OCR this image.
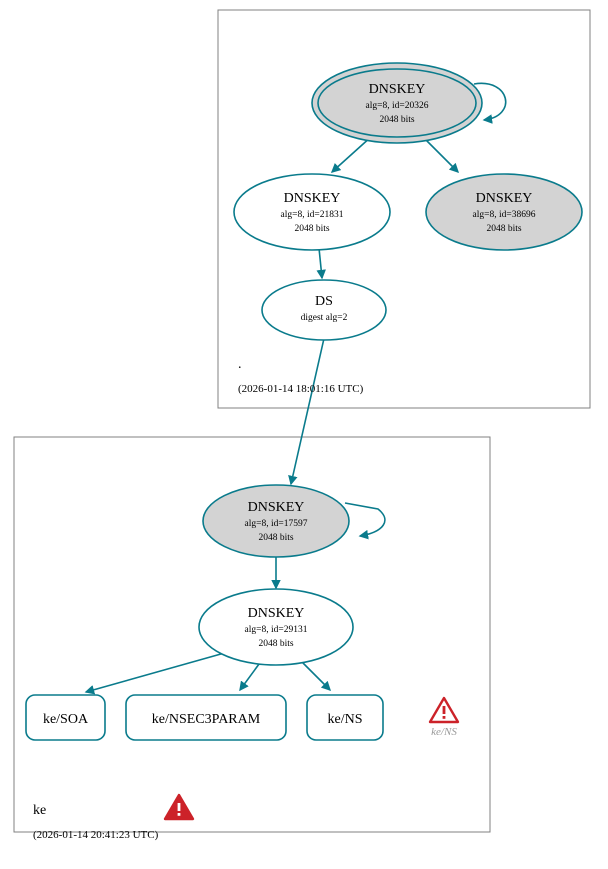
DNSKEY
alg=8, id=20326
2048 bits
DNSKEY
alg=8, id=21831
2048 bits
DNSKEY
alg=8, id=38696
2048 bits
DS
digest alg=2
DNSKEY
alg=8, id=17597
2048 bits
DNSKEY
alg=8, id=29131
2048 bits
ke/SOA	ke/NSEC3PARAM	ke/NS
ke/NS
.
(2026-01-14 18:01:16 UTC)
ke
(2026-01-14 20:41:23 UTC)
